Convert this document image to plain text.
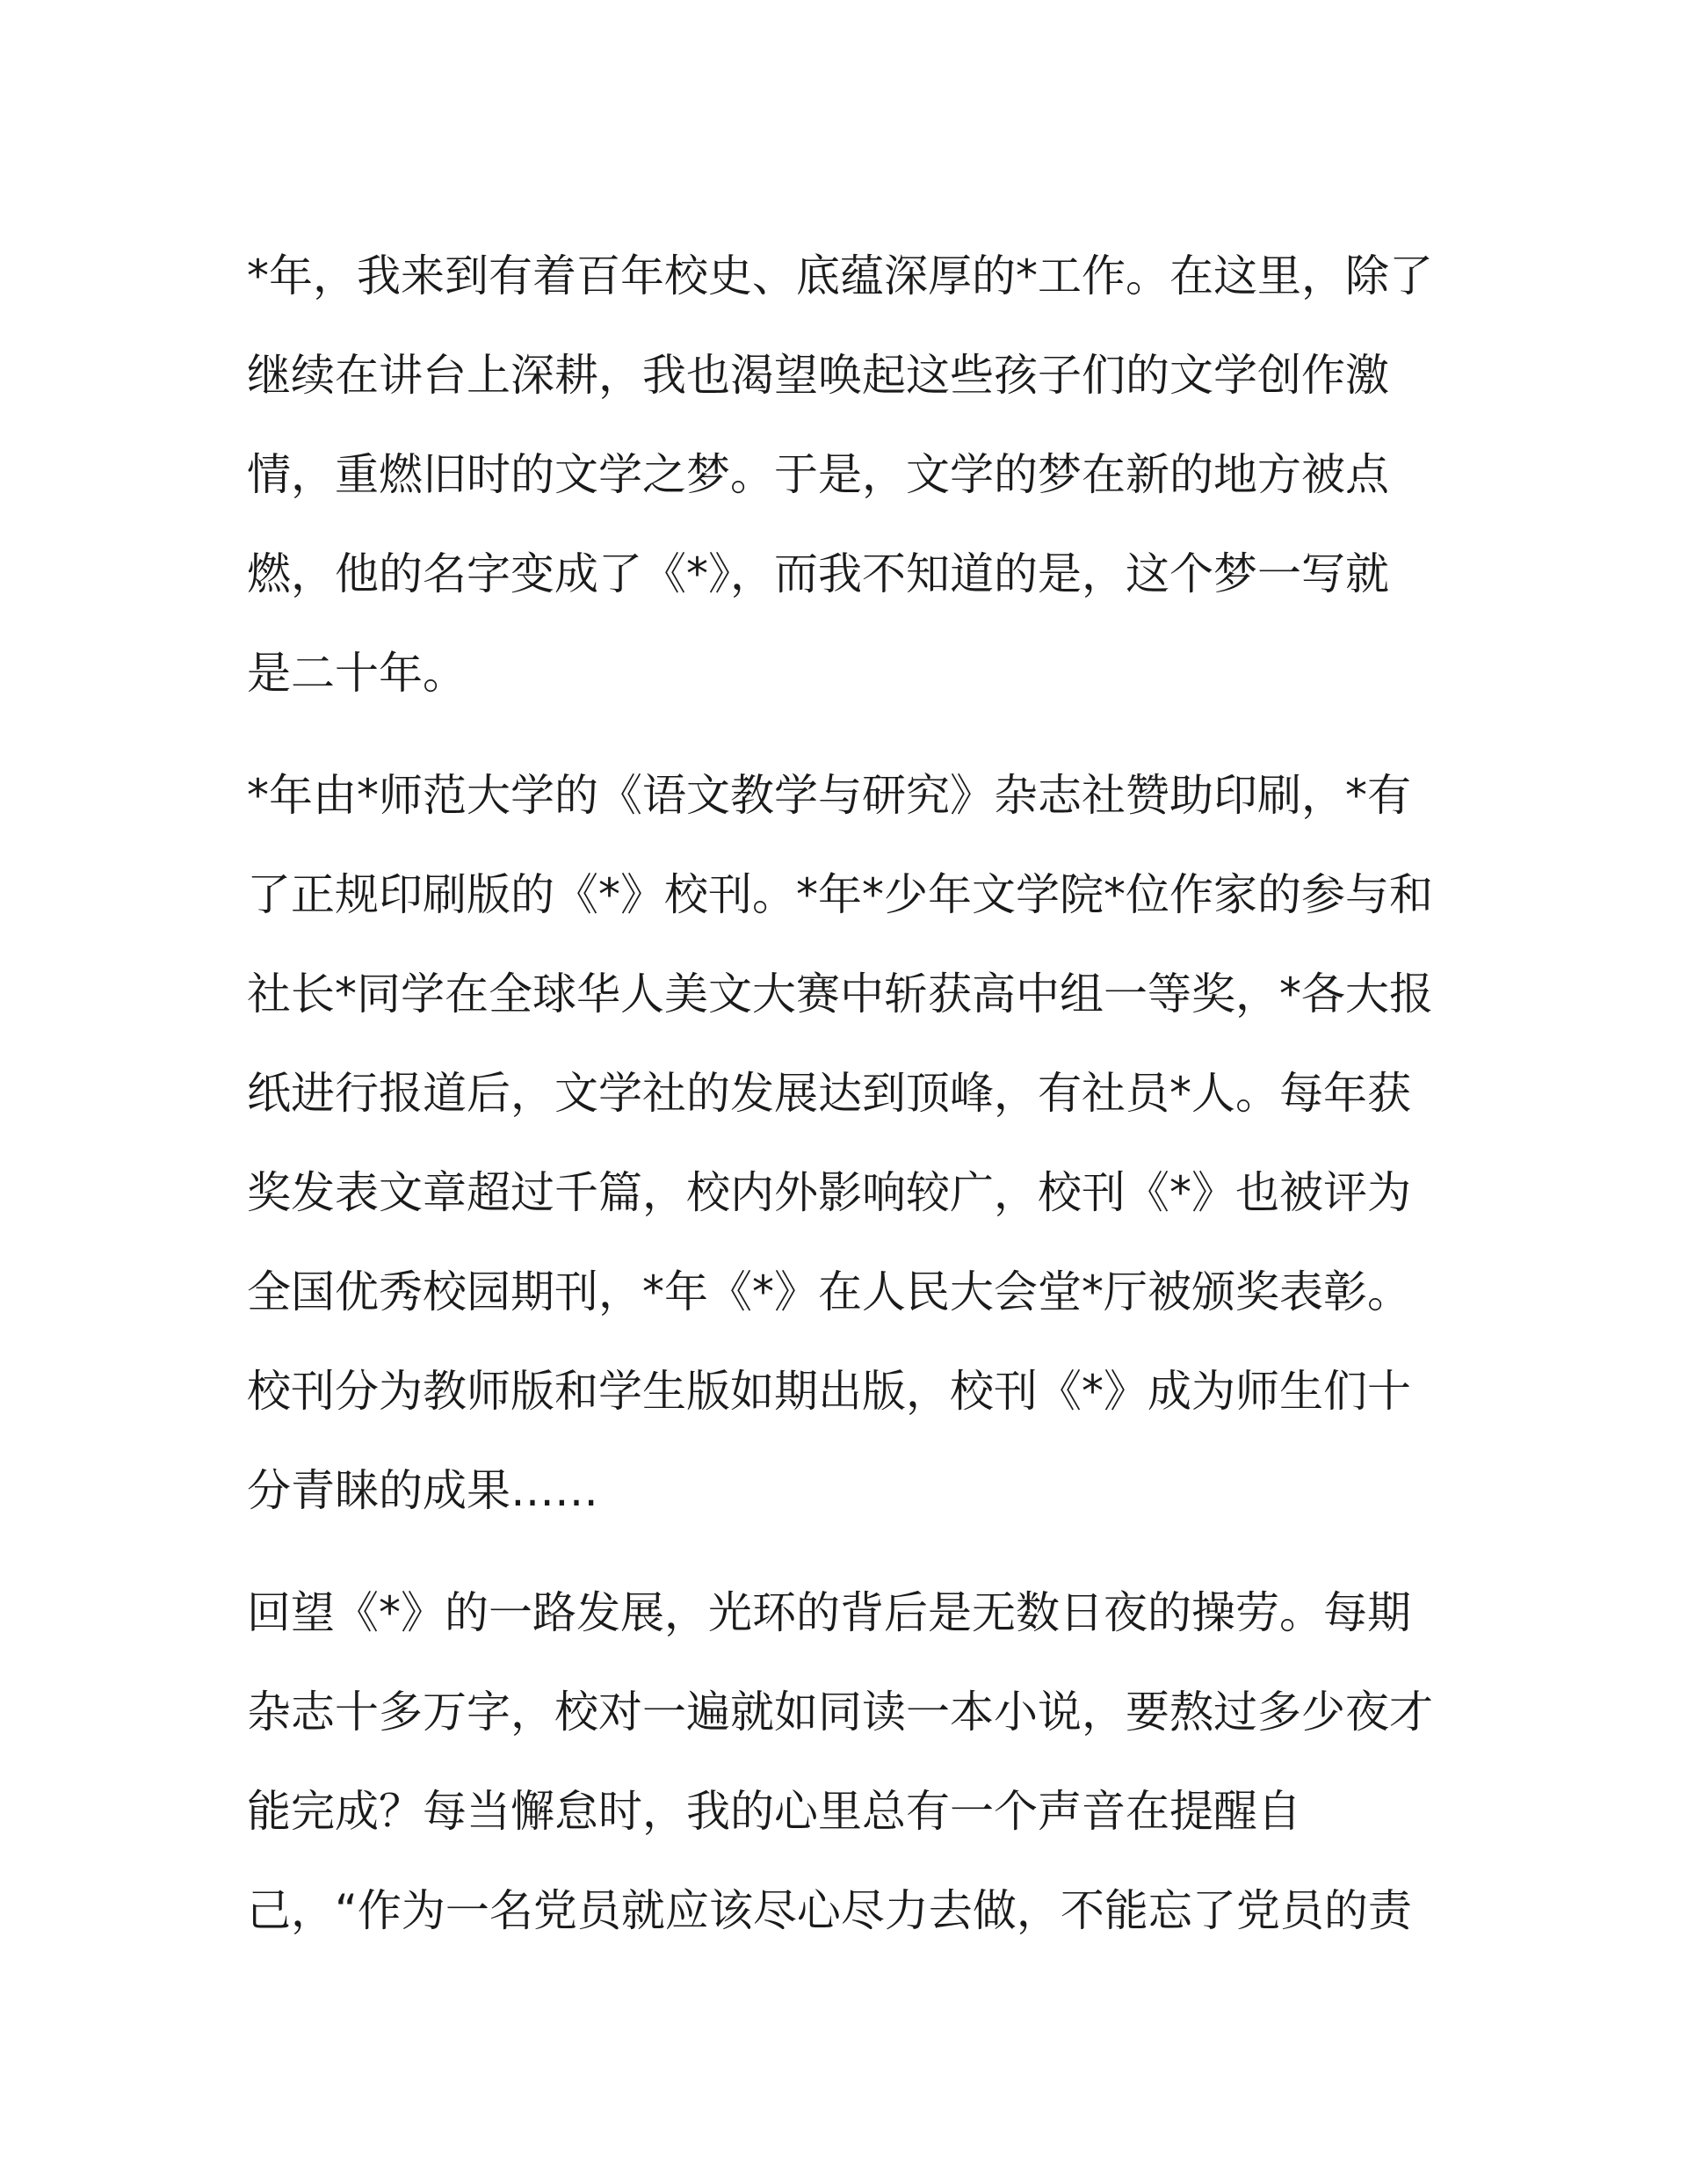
*年，我来到有着百年校史、底蕴深厚的*工作。在这里，除了
继续在讲台上深耕，我也渴望唤起这些孩子们的文学创作激
情，重燃旧时的文学之梦。于是，文学的梦在新的地方被点
燃，他的名字变成了《*》，而我不知道的是，这个梦一写就
是二十年。
*年由*师范大学的《语文教学与研究》杂志社赞助印刷，*有
了正规印刷版的《*》校刊。*年*少年文学院*位作家的参与和
社长*同学在全球华人美文大赛中斩获高中组一等奖，*各大报
纸进行报道后，文学社的发展达到顶峰，有社员*人。每年获
奖发表文章超过千篇，校内外影响较广，校刊《*》也被评为
全国优秀校园期刊，*年《*》在人民大会堂*厅被颁奖表彰。
校刊分为教师版和学生版如期出版，校刊《*》成为师生们十
分青睐的成果……
回望《*》的一路发展，光环的背后是无数日夜的操劳。每期
杂志十多万字，校对一遍就如同读一本小说，要熬过多少夜才
能完成？每当懈怠时，我的心里总有一个声音在提醒自
己，“作为一名党员就应该尽心尽力去做，不能忘了党员的责
